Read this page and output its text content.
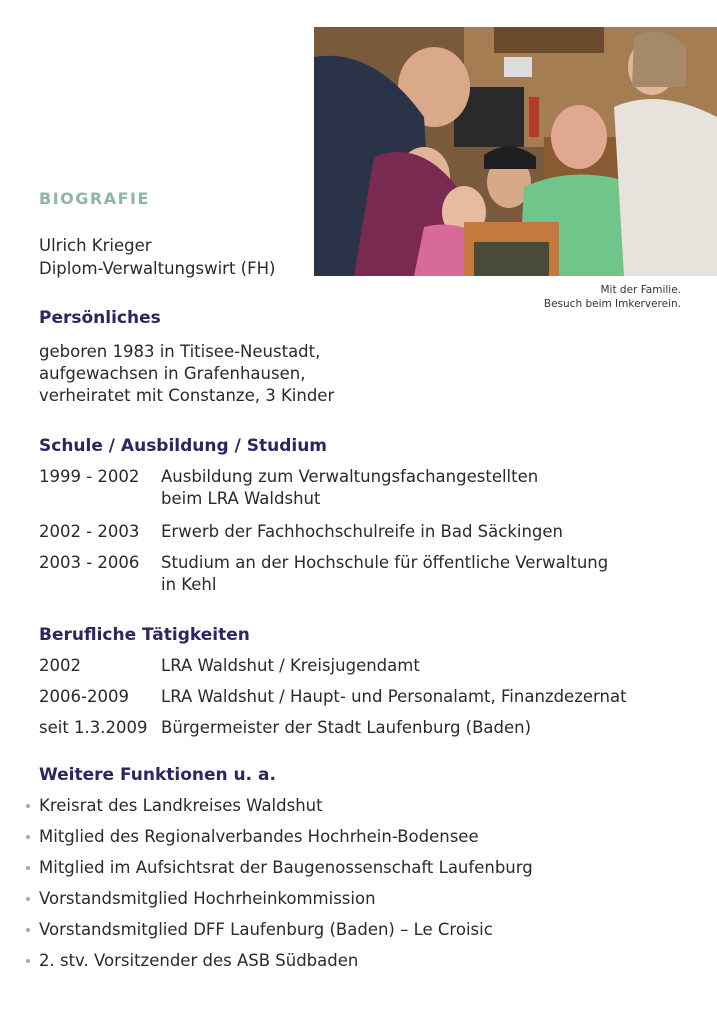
Mit der Familie.
Besuch beim Imkerverein.
BIOGRAFIE
Ulrich Krieger
Diplom-Verwaltungswirt (FH)
Persönliches
geboren 1983 in Titisee-Neustadt,
aufgewachsen in Grafenhausen,
verheiratet mit Constanze, 3 Kinder
Schule / Ausbildung / Studium
1999 - 2002 Ausbildung zum Verwaltungsfachangestellten
beim LRA Waldshut
2002 - 2003 Erwerb der Fachhochschulreife in Bad Säckingen
2003 - 2006 Studium an der Hochschule für öffentliche Verwaltung
in Kehl
Berufliche Tätigkeiten
2002	LRA Waldshut / Kreisjugendamt
2006-2009 LRA Waldshut / Haupt- und Personalamt, Finanzdezernat
seit 1.3.2009 Bürgermeister der Stadt Laufenburg (Baden)
Weitere Funktionen u. a.
Kreisrat des Landkreises Waldshut
Mitglied des Regionalverbandes Hochrhein-Bodensee
Mitglied im Aufsichtsrat der Baugenossenschaft Laufenburg
Vorstandsmitglied Hochrheinkommission
Vorstandsmitglied DFF Laufenburg (Baden) – Le Croisic
2. stv. Vorsitzender des ASB Südbaden
